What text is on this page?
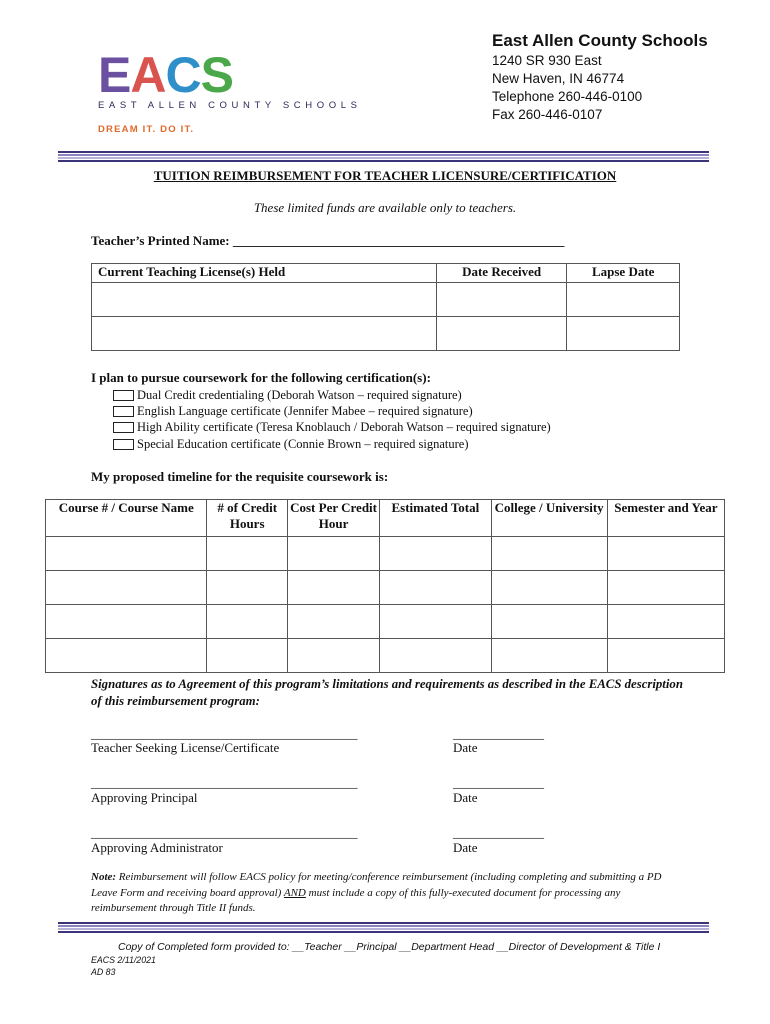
EACS
EAST ALLEN COUNTY SCHOOLS
DREAM IT. DO IT.
East Allen County Schools
1240 SR 930 East
New Haven, IN 46774
Telephone 260-446-0100
Fax 260-446-0107
TUITION REIMBURSEMENT FOR TEACHER LICENSURE/CERTIFICATION
These limited funds are available only to teachers.
Teacher’s Printed Name: ___________________________________________________
Current Teaching License(s) Held	Date Received	Lapse Date

I plan to pursue coursework for the following certification(s):
Dual Credit credentialing (Deborah Watson – required signature)
English Language certificate (Jennifer Mabee – required signature)
High Ability certificate (Teresa Knoblauch / Deborah Watson – required signature)
Special Education certificate (Connie Brown – required signature)
My proposed timeline for the requisite coursework is:
Course # / Course Name	# of Credit Hours	Cost Per Credit Hour	Estimated Total	College / University	Semester and Year

Signatures as to Agreement of this program’s limitations and requirements as described in the EACS description of this reimbursement program:
_________________________________________	______________
Teacher Seeking License/Certificate	Date
_________________________________________	______________
Approving Principal	Date
_________________________________________	______________
Approving Administrator	Date
Note: Reimbursement will follow EACS policy for meeting/conference reimbursement (including completing and submitting a PD Leave Form and receiving board approval) AND must include a copy of this fully-executed document for processing any reimbursement through Title II funds.
Copy of Completed form provided to: __Teacher __Principal __Department Head __Director of Development & Title I
EACS 2/11/2021
AD 83
